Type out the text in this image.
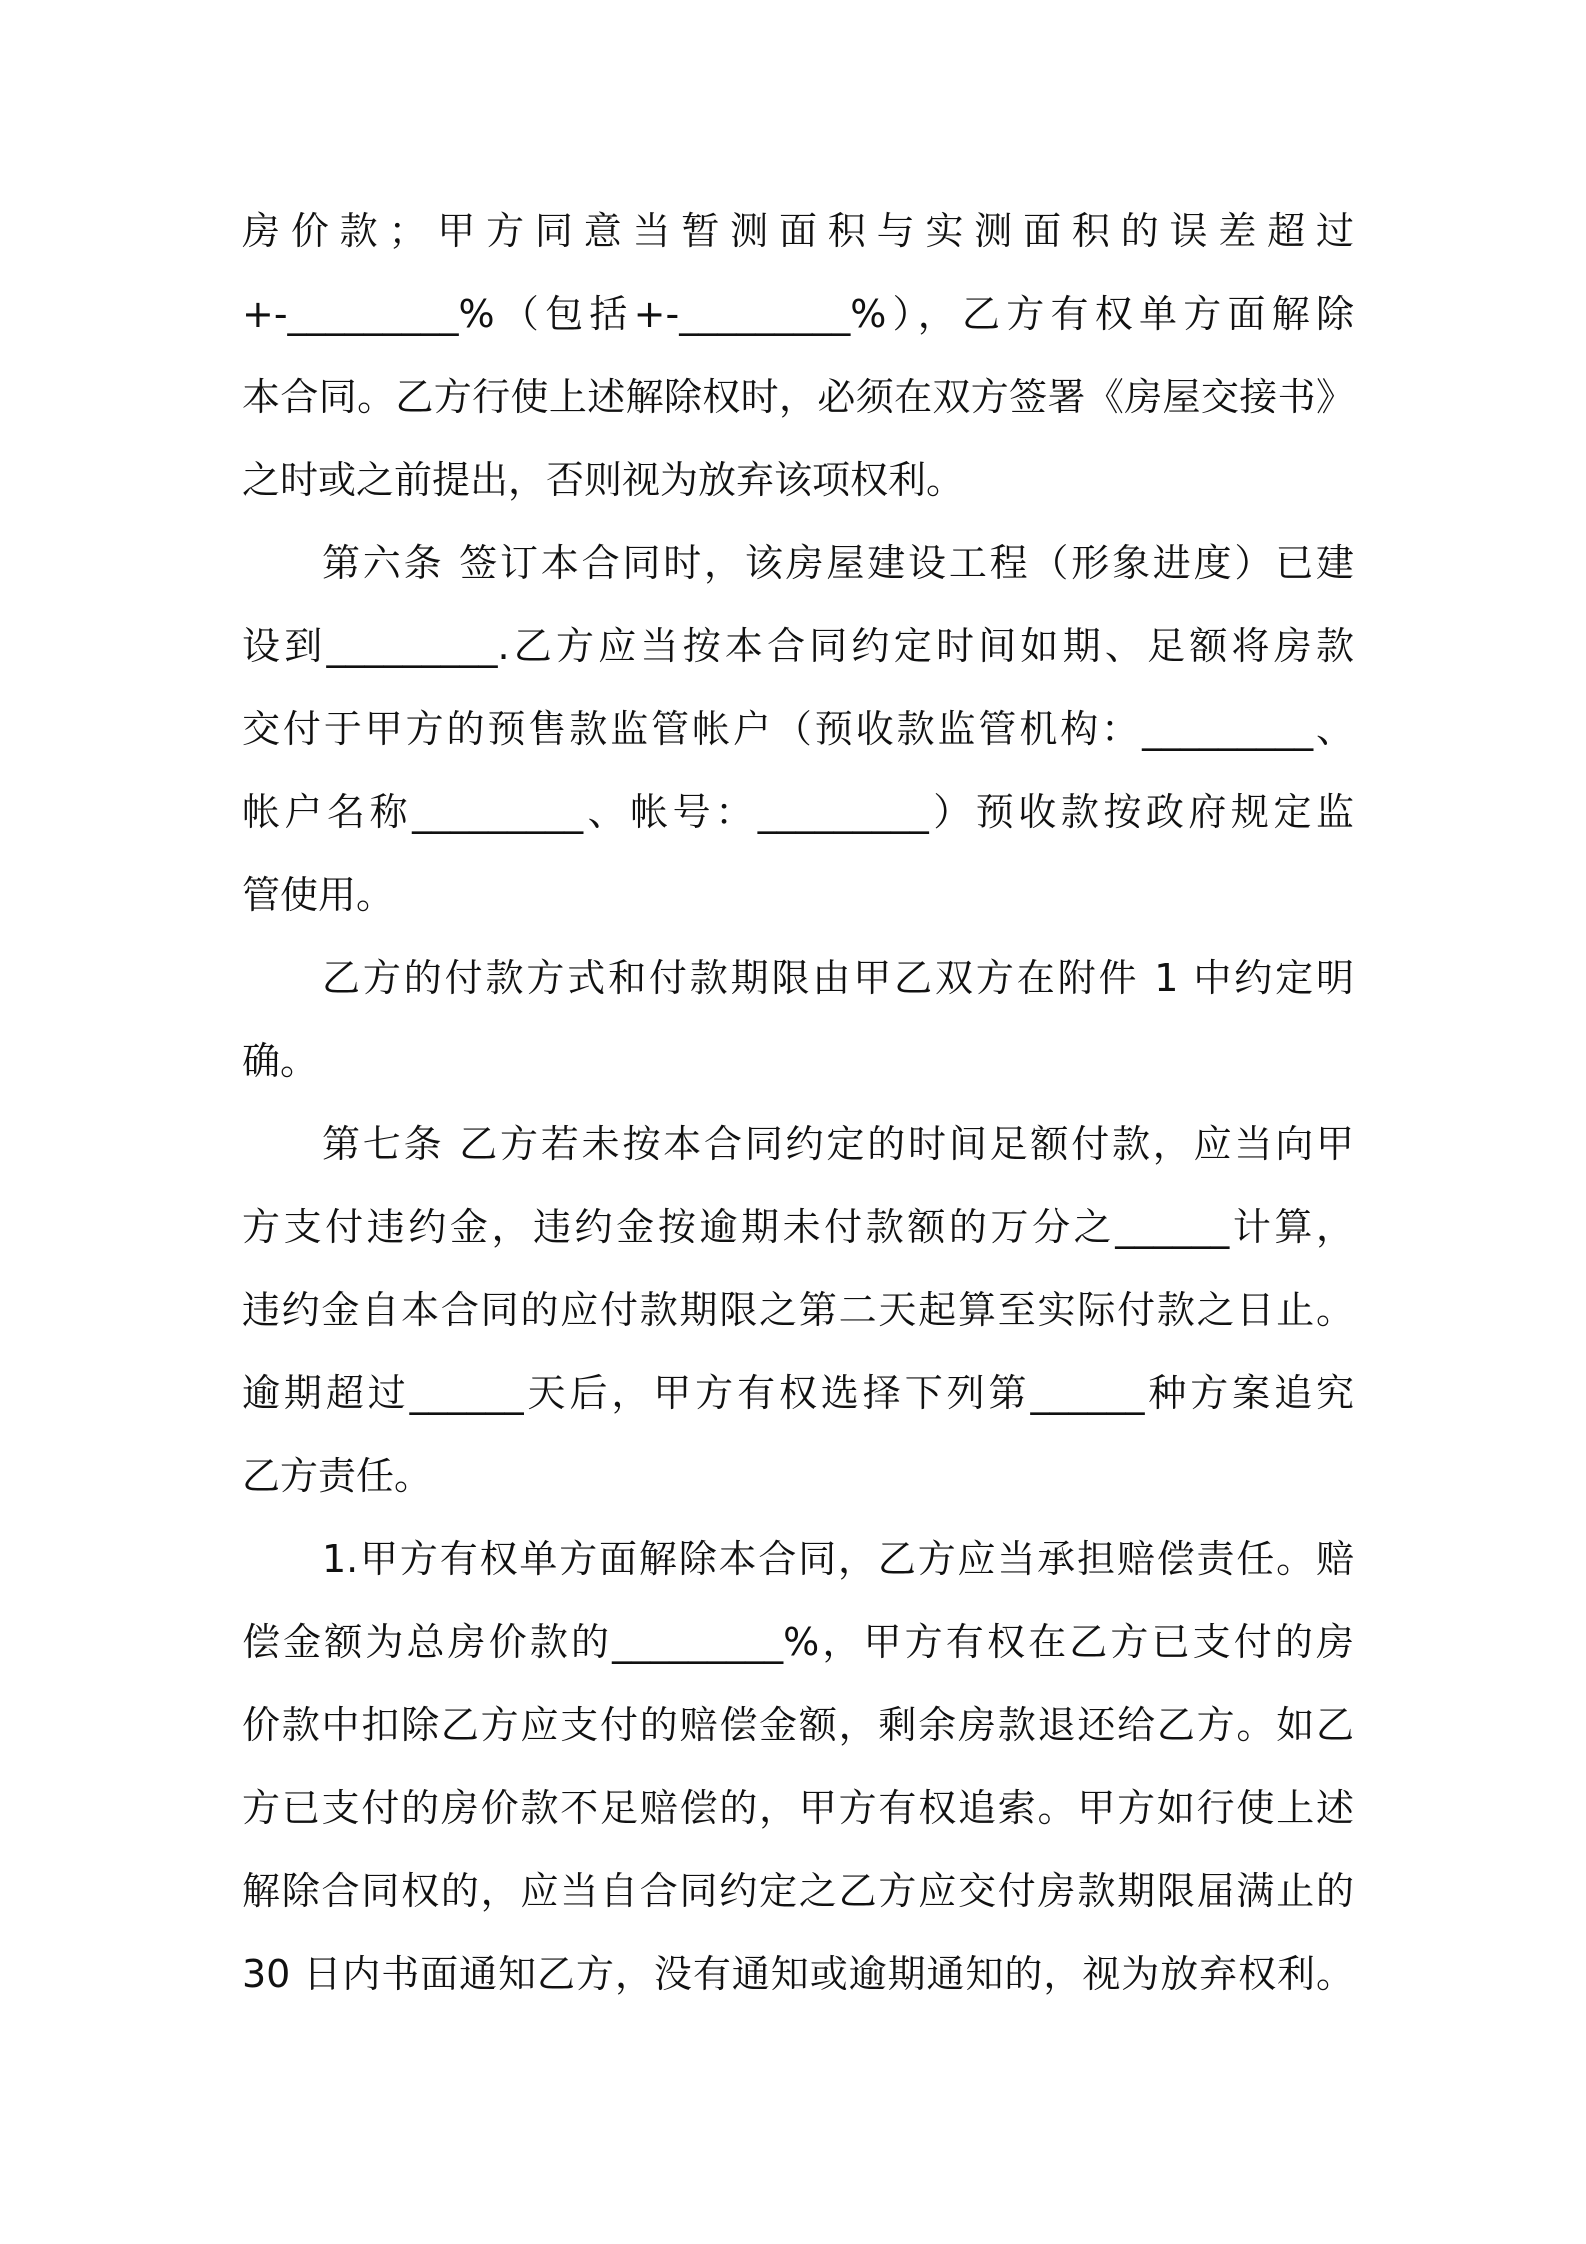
房价款；甲方同意当暂测面积与实测面积的误差超过
+-_________%（包括+-_________%），乙方有权单方面解除
本合同。乙方行使上述解除权时，必须在双方签署《房屋交接书》
之时或之前提出，否则视为放弃该项权利。
第六条 签订本合同时，该房屋建设工程（形象进度）已建
设到_________.乙方应当按本合同约定时间如期、足额将房款
交付于甲方的预售款监管帐户（预收款监管机构：_________、
帐户名称_________、帐号：_________）预收款按政府规定监
管使用。
乙方的付款方式和付款期限由甲乙双方在附件 1 中约定明
确。
第七条 乙方若未按本合同约定的时间足额付款，应当向甲
方支付违约金，违约金按逾期未付款额的万分之______计算，
违约金自本合同的应付款期限之第二天起算至实际付款之日止。
逾期超过______天后，甲方有权选择下列第______种方案追究
乙方责任。
1.甲方有权单方面解除本合同，乙方应当承担赔偿责任。赔
偿金额为总房价款的_________%，甲方有权在乙方已支付的房
价款中扣除乙方应支付的赔偿金额，剩余房款退还给乙方。如乙
方已支付的房价款不足赔偿的，甲方有权追索。甲方如行使上述
解除合同权的，应当自合同约定之乙方应交付房款期限届满止的
30 日内书面通知乙方，没有通知或逾期通知的，视为放弃权利。
